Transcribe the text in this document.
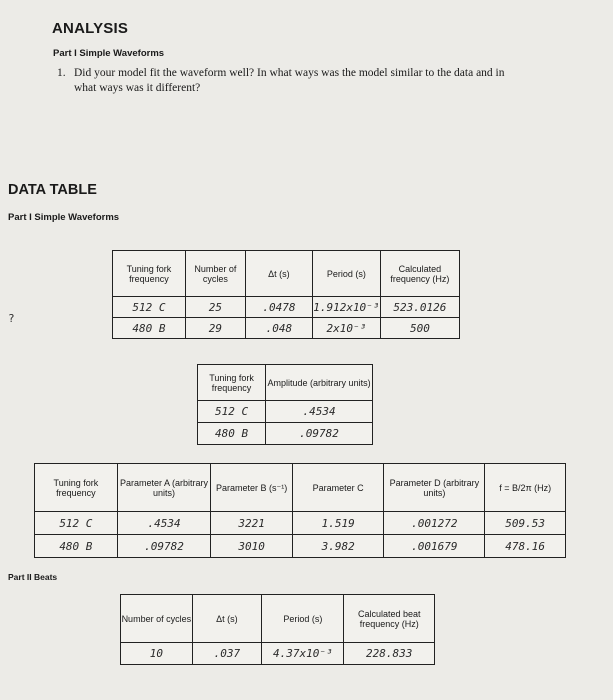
ANALYSIS
Part I Simple Waveforms
1. Did your model fit the waveform well? In what ways was the model similar to the data and in
what ways was it different?
DATA TABLE
Part I Simple Waveforms
?
Tuning fork frequency	Number of cycles	Δt (s)	Period (s)	Calculated frequency (Hz)
512 C	25	.0478	1.912x10⁻³	523.0126
480 B	29	.048	2x10⁻³	500
Tuning fork frequency	Amplitude (arbitrary units)
512 C	.4534
480 B	.09782
Tuning fork frequency	Parameter A (arbitrary units)	Parameter B (s⁻¹)	Parameter C	Parameter D (arbitrary units)	f = B/2π (Hz)
512 C	.4534	3221	1.519	.001272	509.53
480 B	.09782	3010	3.982	.001679	478.16
Part II Beats
Number of cycles	Δt (s)	Period (s)	Calculated beat frequency (Hz)
10	.037	4.37x10⁻³	228.833
